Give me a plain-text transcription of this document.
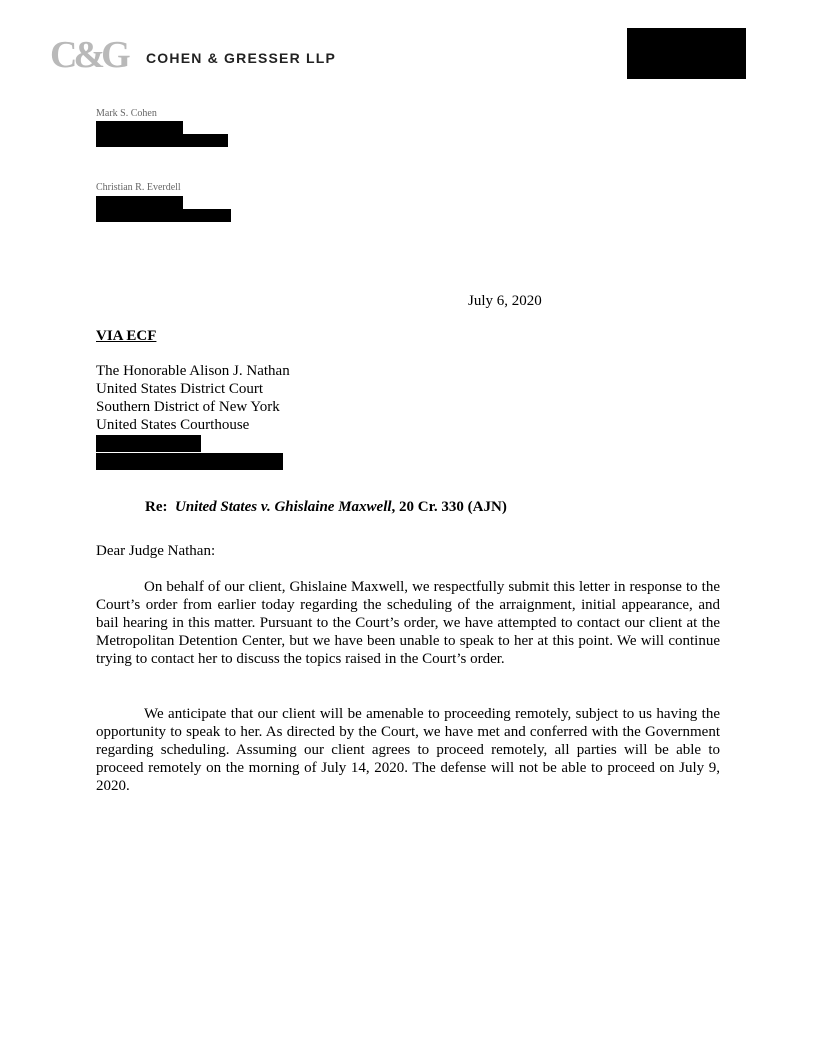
C&G COHEN & GRESSER LLP
Mark S. Cohen
Christian R. Everdell
July 6, 2020
VIA ECF
The Honorable Alison J. Nathan
United States District Court
Southern District of New York
United States Courthouse
Re: United States v. Ghislaine Maxwell, 20 Cr. 330 (AJN)
Dear Judge Nathan:
On behalf of our client, Ghislaine Maxwell, we respectfully submit this letter in response to the Court’s order from earlier today regarding the scheduling of the arraignment, initial appearance, and bail hearing in this matter. Pursuant to the Court’s order, we have attempted to contact our client at the Metropolitan Detention Center, but we have been unable to speak to her at this point. We will continue trying to contact her to discuss the topics raised in the Court’s order.
We anticipate that our client will be amenable to proceeding remotely, subject to us having the opportunity to speak to her. As directed by the Court, we have met and conferred with the Government regarding scheduling. Assuming our client agrees to proceed remotely, all parties will be able to proceed remotely on the morning of July 14, 2020. The defense will not be able to proceed on July 9, 2020.
